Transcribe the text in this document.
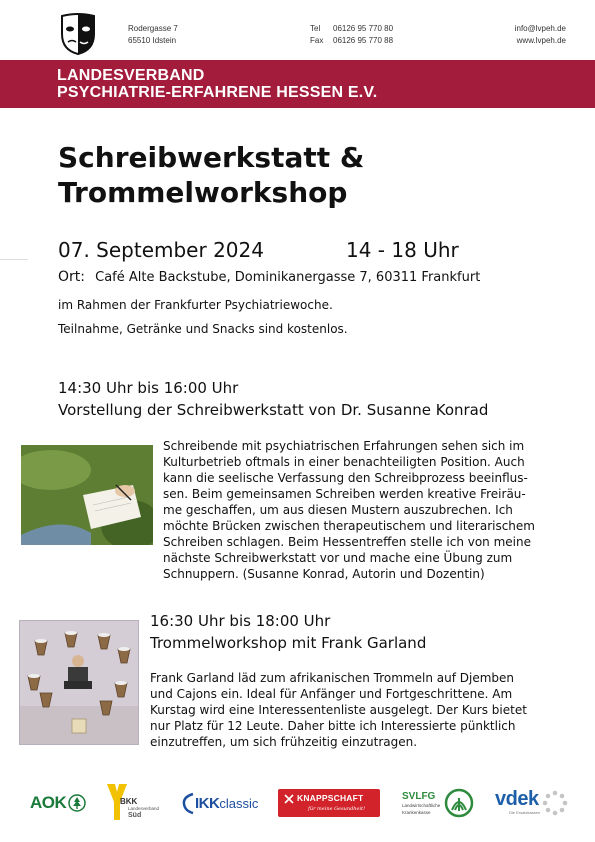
Rodergasse 7
65510 Idstein
Tel 06126 95 770 80
Fax 06126 95 770 88
info@lvpeh.de
www.lvpeh.de
LANDESVERBAND
PSYCHIATRIE-ERFAHRENE HESSEN E.V.
Schreibwerkstatt &
Trommelworkshop
07. September 2024	14 - 18 Uhr
Ort: Café Alte Backstube, Dominikanergasse 7, 60311 Frankfurt
im Rahmen der Frankfurter Psychiatriewoche.
Teilnahme, Getränke und Snacks sind kostenlos.
14:30 Uhr bis 16:00 Uhr
Vorstellung der Schreibwerkstatt von Dr. Susanne Konrad
Schreibende mit psychiatrischen Erfahrungen sehen sich im
Kulturbetrieb oftmals in einer benachteiligten Position. Auch
kann die seelische Verfassung den Schreibprozess beeinflus-
sen. Beim gemeinsamen Schreiben werden kreative Freiräu-
me geschaffen, um aus diesen Mustern auszubrechen. Ich
möchte Brücken zwischen therapeutischem und literarischem
Schreiben schlagen. Beim Hessentreffen stelle ich von meine
nächste Schreibwerkstatt vor und mache eine Übung zum
Schnuppern. (Susanne Konrad, Autorin und Dozentin)
16:30 Uhr bis 18:00 Uhr
Trommelworkshop mit Frank Garland
Frank Garland läd zum afrikanischen Trommeln auf Djemben
und Cajons ein. Ideal für Anfänger und Fortgeschrittene. Am
Kurstag wird eine Interessentenliste ausgelegt. Der Kurs bietet
nur Platz für 12 Leute. Daher bitte ich Interessierte pünktlich
einzutreffen, um sich frühzeitig einzutragen.
AOK	BKK
Landesverband
Süd
IKK classic	KNAPPSCHAFT
für meine Gesundheit!
SVLFG
Landwirtschaftliche
Krankenkasse
vdek
Die Ersatzkassen
